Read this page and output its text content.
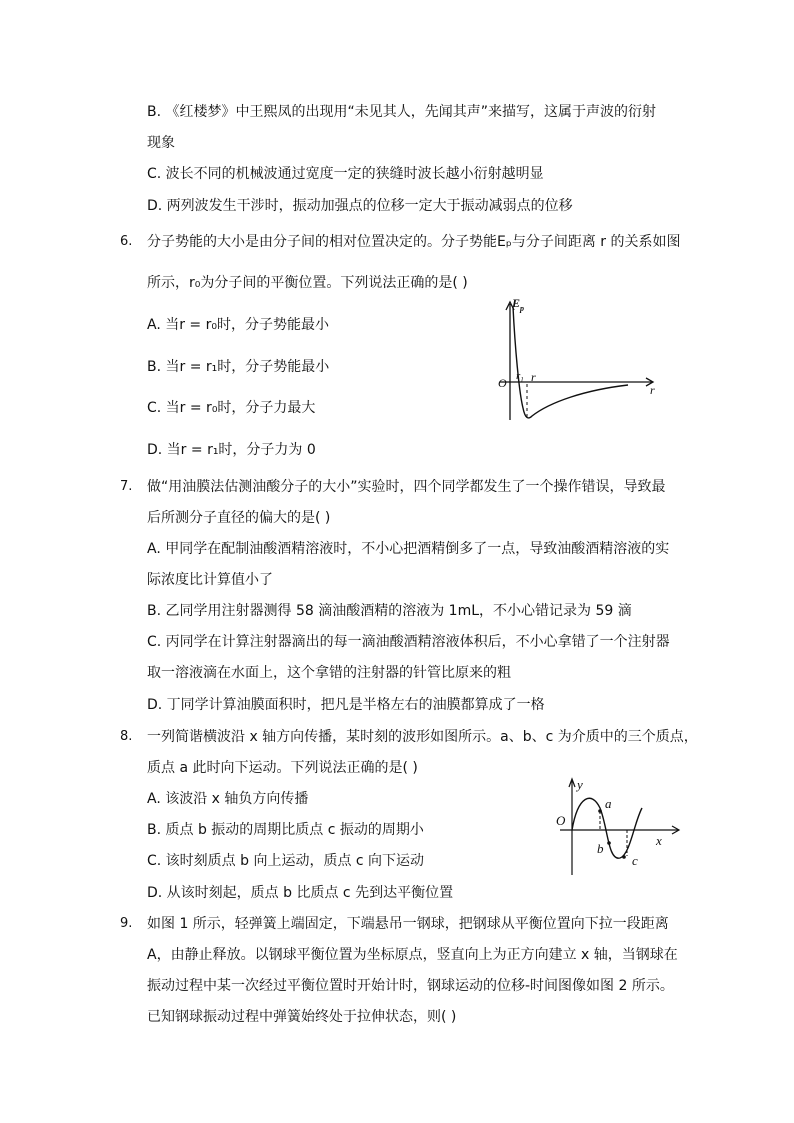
B. 《红楼梦》中王熙凤的出现用“未见其人，先闻其声”来描写，这属于声波的衍射
现象
C. 波长不同的机械波通过宽度一定的狭缝时波长越小衍射越明显
D. 两列波发生干涉时，振动加强点的位移一定大于振动减弱点的位移
6. 分子势能的大小是由分子间的相对位置决定的。分子势能Eₚ与分子间距离 r 的关系如图
所示，r₀为分子间的平衡位置。下列说法正确的是( )
A. 当r = r₀时，分子势能最小
B. 当r = r₁时，分子势能最小
C. 当r = r₀时，分子力最大
D. 当r = r₁时，分子力为 0
$E_p$
O $r_1$ r
r
7. 做“用油膜法估测油酸分子的大小”实验时，四个同学都发生了一个操作错误，导致最
后所测分子直径的偏大的是( )
A. 甲同学在配制油酸酒精溶液时，不小心把酒精倒多了一点，导致油酸酒精溶液的实
际浓度比计算值小了
B. 乙同学用注射器测得 58 滴油酸酒精的溶液为 1mL，不小心错记录为 59 滴
C. 丙同学在计算注射器滴出的每一滴油酸酒精溶液体积后，不小心拿错了一个注射器
取一溶液滴在水面上，这个拿错的注射器的针管比原来的粗
D. 丁同学计算油膜面积时，把凡是半格左右的油膜都算成了一格
8. 一列简谐横波沿 x 轴方向传播，某时刻的波形如图所示。a、b、c 为介质中的三个质点，
质点 a 此时向下运动。下列说法正确的是( )
A. 该波沿 x 轴负方向传播
B. 质点 b 振动的周期比质点 c 振动的周期小
C. 该时刻质点 b 向上运动，质点 c 向下运动
D. 从该时刻起，质点 b 比质点 c 先到达平衡位置
O
y
x
a
b
c
9. 如图 1 所示，轻弹簧上端固定，下端悬吊一钢球，把钢球从平衡位置向下拉一段距离
A，由静止释放。以钢球平衡位置为坐标原点，竖直向上为正方向建立 x 轴，当钢球在
振动过程中某一次经过平衡位置时开始计时，钢球运动的位移-时间图像如图 2 所示。
已知钢球振动过程中弹簧始终处于拉伸状态，则( )
